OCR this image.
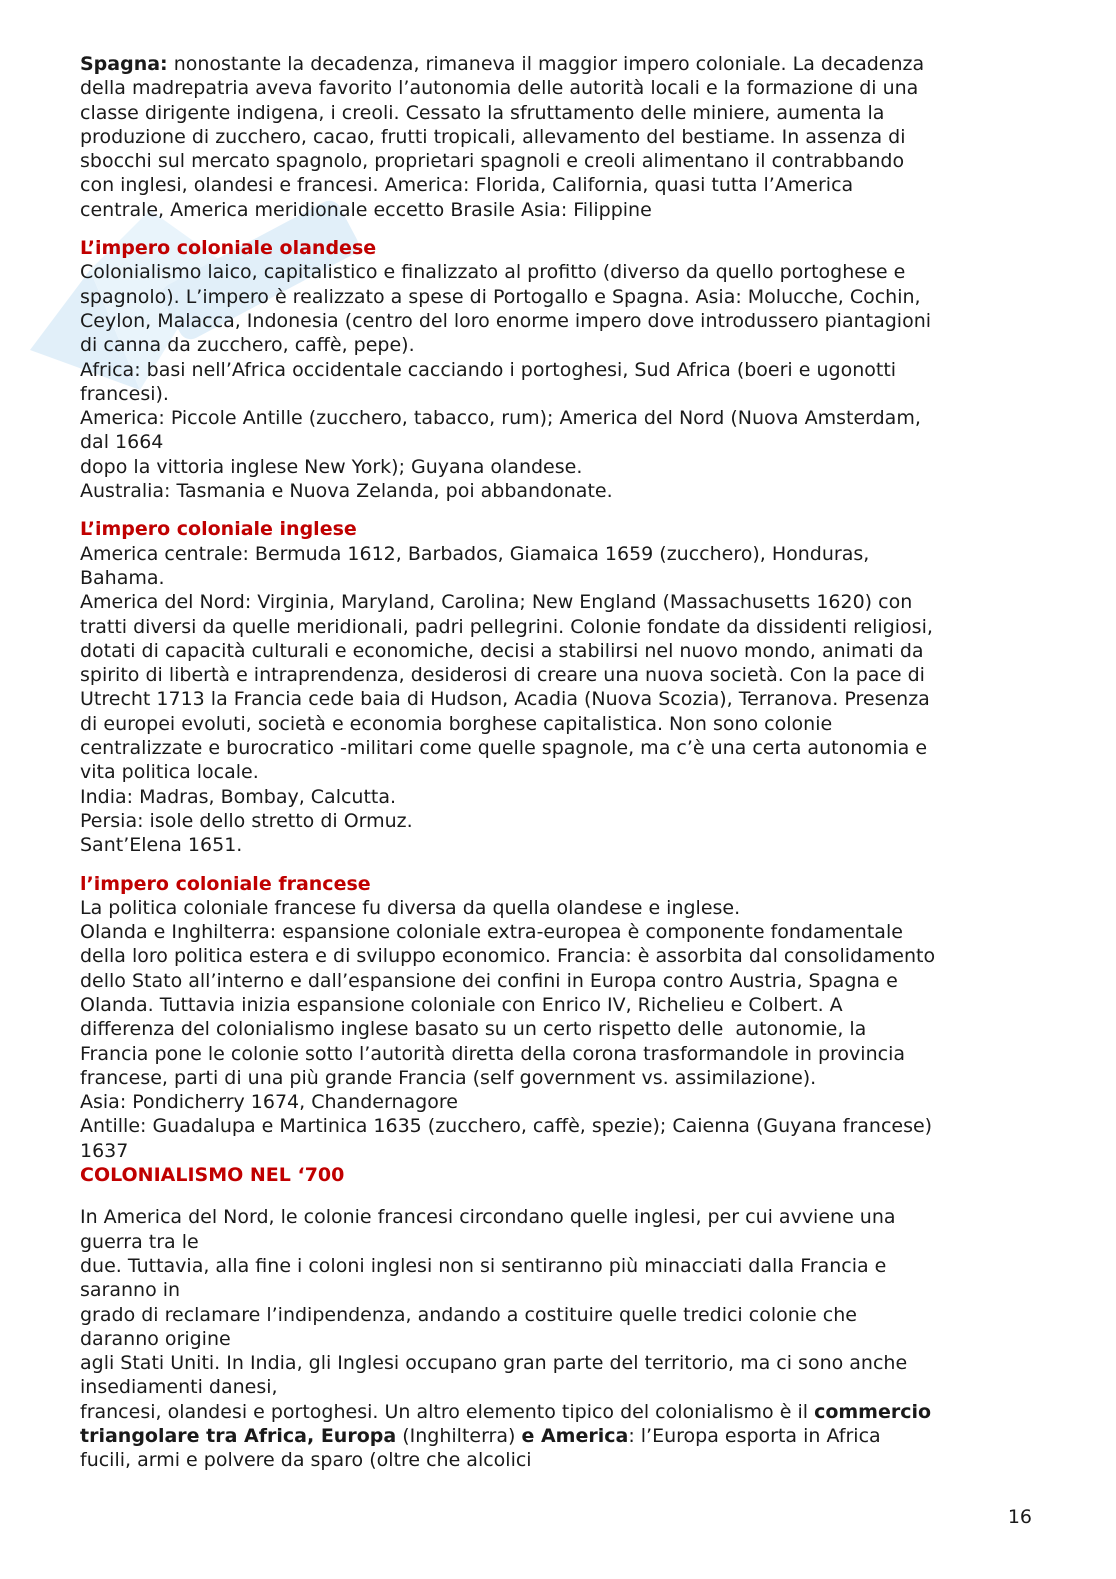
Spagna: nonostante la decadenza, rimaneva il maggior impero coloniale. La decadenza

della madrepatria aveva favorito l’autonomia delle autorità locali e la formazione di una

classe dirigente indigena, i creoli. Cessato la sfruttamento delle miniere, aumenta la

produzione di zucchero, cacao, frutti tropicali, allevamento del bestiame. In assenza di

sbocchi sul mercato spagnolo, proprietari spagnoli e creoli alimentano il contrabbando

con inglesi, olandesi e francesi. America: Florida, California, quasi tutta l’America

centrale, America meridionale eccetto Brasile Asia: Filippine

L’impero coloniale olandese

Colonialismo laico, capitalistico e finalizzato al profitto (diverso da quello portoghese e

spagnolo). L’impero è realizzato a spese di Portogallo e Spagna. Asia: Molucche, Cochin,

Ceylon, Malacca, Indonesia (centro del loro enorme impero dove introdussero piantagioni

di canna da zucchero, caffè, pepe).

Africa: basi nell’Africa occidentale cacciando i portoghesi, Sud Africa (boeri e ugonotti

francesi).

America: Piccole Antille (zucchero, tabacco, rum); America del Nord (Nuova Amsterdam,

dal 1664

dopo la vittoria inglese New York); Guyana olandese.

Australia: Tasmania e Nuova Zelanda, poi abbandonate.

L’impero coloniale inglese

America centrale: Bermuda 1612, Barbados, Giamaica 1659 (zucchero), Honduras,

Bahama.

America del Nord: Virginia, Maryland, Carolina; New England (Massachusetts 1620) con

tratti diversi da quelle meridionali, padri pellegrini. Colonie fondate da dissidenti religiosi,

dotati di capacità culturali e economiche, decisi a stabilirsi nel nuovo mondo, animati da

spirito di libertà e intraprendenza, desiderosi di creare una nuova società. Con la pace di

Utrecht 1713 la Francia cede baia di Hudson, Acadia (Nuova Scozia), Terranova. Presenza

di europei evoluti, società e economia borghese capitalistica. Non sono colonie

centralizzate e burocratico -militari come quelle spagnole, ma c’è una certa autonomia e

vita politica locale.

India: Madras, Bombay, Calcutta.

Persia: isole dello stretto di Ormuz.

Sant’Elena 1651.

l’impero coloniale francese

La politica coloniale francese fu diversa da quella olandese e inglese.

Olanda e Inghilterra: espansione coloniale extra-europea è componente fondamentale

della loro politica estera e di sviluppo economico. Francia: è assorbita dal consolidamento

dello Stato all’interno e dall’espansione dei confini in Europa contro Austria, Spagna e

Olanda. Tuttavia inizia espansione coloniale con Enrico IV, Richelieu e Colbert. A

differenza del colonialismo inglese basato su un certo rispetto delle  autonomie, la

Francia pone le colonie sotto l’autorità diretta della corona trasformandole in provincia

francese, parti di una più grande Francia (self government vs. assimilazione).

Asia: Pondicherry 1674, Chandernagore

Antille: Guadalupa e Martinica 1635 (zucchero, caffè, spezie); Caienna (Guyana francese)

1637

COLONIALISMO NEL ‘700

In America del Nord, le colonie francesi circondano quelle inglesi, per cui avviene una

guerra tra le

due. Tuttavia, alla fine i coloni inglesi non si sentiranno più minacciati dalla Francia e

saranno in

grado di reclamare l’indipendenza, andando a costituire quelle tredici colonie che

daranno origine

agli Stati Uniti. In India, gli Inglesi occupano gran parte del territorio, ma ci sono anche

insediamenti danesi,

francesi, olandesi e portoghesi. Un altro elemento tipico del colonialismo è il commercio

triangolare tra Africa, Europa (Inghilterra) e America: l’Europa esporta in Africa

fucili, armi e polvere da sparo (oltre che alcolici

16
